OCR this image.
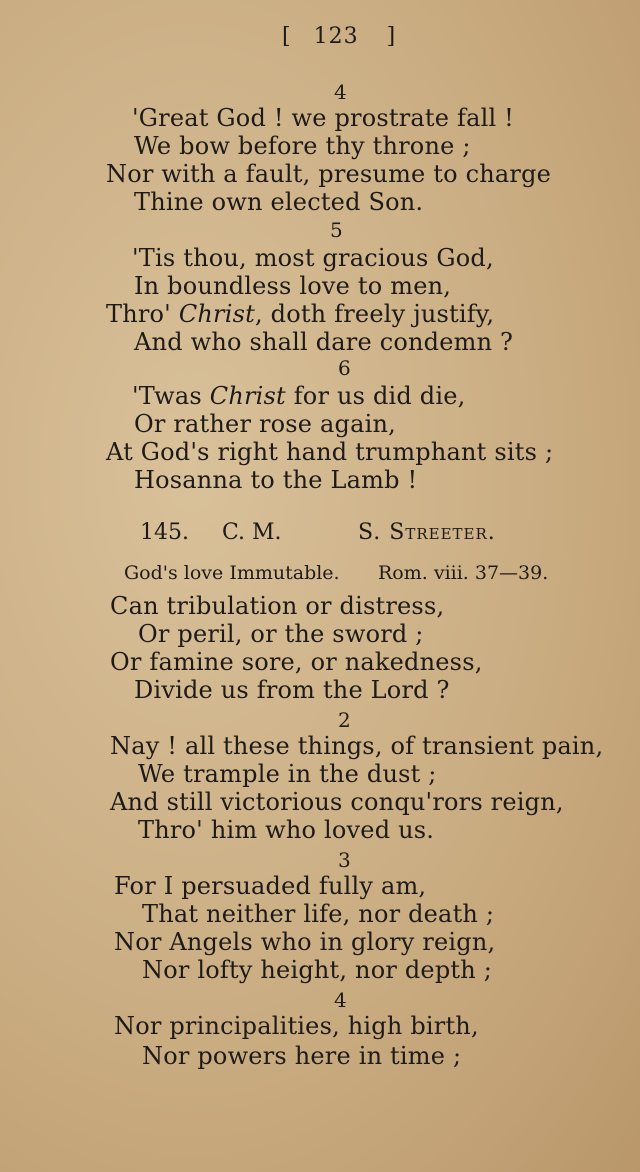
[ 123 ]
4
'Great God ! we prostrate fall !
We bow before thy throne ;
Nor with a fault, presume to charge
Thine own elected Son.
5
'Tis thou, most gracious God,
In boundless love to men,
Thro' Christ, doth freely justify,
And who shall dare condemn ?
6
'Twas Christ for us did die,
Or rather rose again,
At God's right hand trumphant sits ;
Hosanna to the Lamb !
145. C. M.	S. Streeter.
God's love Immutable. Rom. viii. 37—39.
Can tribulation or distress,
Or peril, or the sword ;
Or famine sore, or nakedness,
Divide us from the Lord ?
2
Nay ! all these things, of transient pain,
We trample in the dust ;
And still victorious conqu'rors reign,
Thro' him who loved us.
3
For I persuaded fully am,
That neither life, nor death ;
Nor Angels who in glory reign,
Nor lofty height, nor depth ;
4
Nor principalities, high birth,
Nor powers here in time ;
